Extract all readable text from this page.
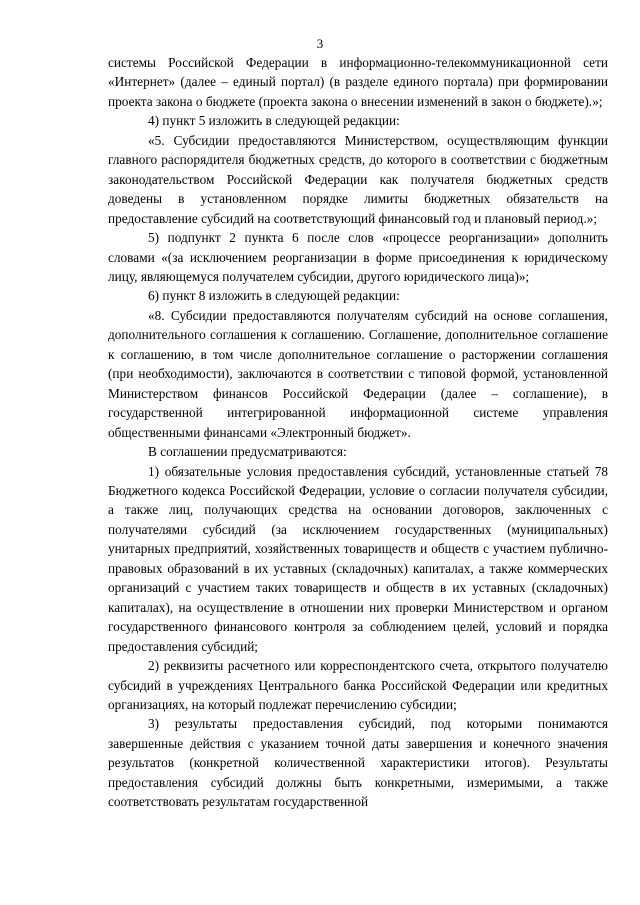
3

системы Российской Федерации в информационно-телекоммуникационной сети «Интернет» (далее – единый портал) (в разделе единого портала) при формировании проекта закона о бюджете (проекта закона о внесении изменений в закон о бюджете).»;

4) пункт 5 изложить в следующей редакции:

«5. Субсидии предоставляются Министерством, осуществляющим функции главного распорядителя бюджетных средств, до которого в соответствии с бюджетным законодательством Российской Федерации как получателя бюджетных средств доведены в установленном порядке лимиты бюджетных обязательств на предоставление субсидий на соответствующий финансовый год и плановый период.»;

5) подпункт 2 пункта 6 после слов «процессе реорганизации» дополнить словами «(за исключением реорганизации в форме присоединения к юридическому лицу, являющемуся получателем субсидии, другого юридического лица)»;

6) пункт 8 изложить в следующей редакции:

«8. Субсидии предоставляются получателям субсидий на основе соглашения, дополнительного соглашения к соглашению. Соглашение, дополнительное соглашение к соглашению, в том числе дополнительное соглашение о расторжении соглашения (при необходимости), заключаются в соответствии с типовой формой, установленной Министерством финансов Российской Федерации (далее – соглашение), в государственной интегрированной информационной системе управления общественными финансами «Электронный бюджет».

В соглашении предусматриваются:

1) обязательные условия предоставления субсидий, установленные статьей 78 Бюджетного кодекса Российской Федерации, условие о согласии получателя субсидии, а также лиц, получающих средства на основании договоров, заключенных с получателями субсидий (за исключением государственных (муниципальных) унитарных предприятий, хозяйственных товариществ и обществ с участием публично-правовых образований в их уставных (складочных) капиталах, а также коммерческих организаций с участием таких товариществ и обществ в их уставных (складочных) капиталах), на осуществление в отношении них проверки Министерством и органом государственного финансового контроля за соблюдением целей, условий и порядка предоставления субсидий;

2) реквизиты расчетного или корреспондентского счета, открытого получателю субсидий в учреждениях Центрального банка Российской Федерации или кредитных организациях, на который подлежат перечислению субсидии;

3) результаты предоставления субсидий, под которыми понимаются завершенные действия с указанием точной даты завершения и конечного значения результатов (конкретной количественной характеристики итогов). Результаты предоставления субсидий должны быть конкретными, измеримыми, а также соответствовать результатам государственной
